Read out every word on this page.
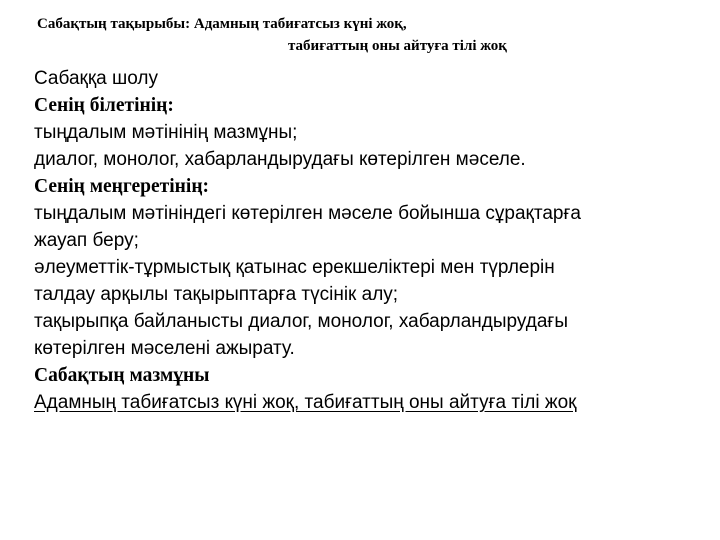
Сабақтың тақырыбы: Адамның табиғатсыз күні жоқ,
табиғаттың оны айтуға тілі жоқ
Сабаққа шолу
Сенің білетінің:
тыңдалым мәтінінің мазмұны;
диалог, монолог, хабарландырудағы көтерілген мәселе.
Сенің меңгеретінің:
тыңдалым мәтініндегі көтерілген мәселе бойынша сұрақтарға
жауап беру;
әлеуметтік-тұрмыстық қатынас ерекшеліктері мен түрлерін
талдау арқылы тақырыптарға түсінік алу;
тақырыпқа байланысты диалог, монолог, хабарландырудағы
көтерілген мәселені ажырату.
Сабақтың мазмұны
Адамның табиғатсыз күні жоқ, табиғаттың оны айтуға тілі жоқ
